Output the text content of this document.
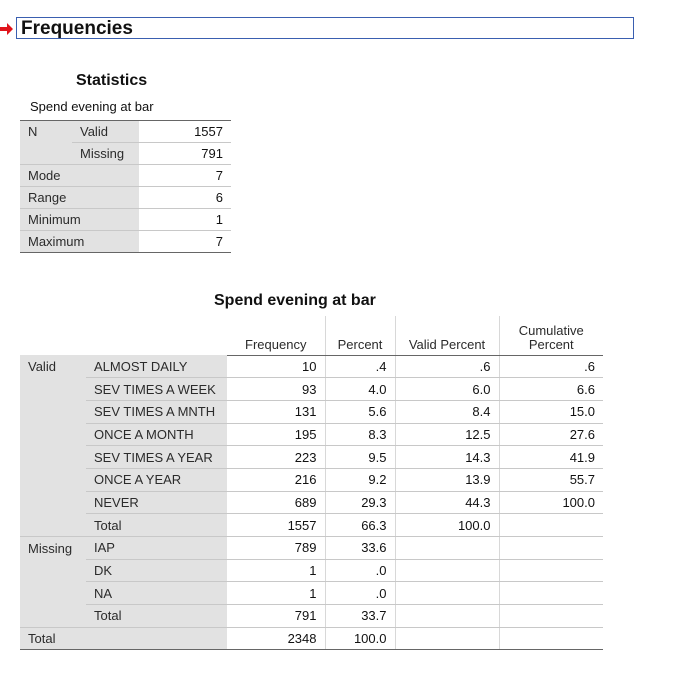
Frequencies
Statistics
Spend evening at bar
N	Valid	1557
	Missing	791
Mode		7
Range		6
Minimum		1
Maximum		7
Spend evening at bar
		Frequency	Percent	Valid Percent	Cumulative
Percent
Valid	ALMOST DAILY	10	.4	.6	.6
	SEV TIMES A WEEK	93	4.0	6.0	6.6
	SEV TIMES A MNTH	131	5.6	8.4	15.0
	ONCE A MONTH	195	8.3	12.5	27.6
	SEV TIMES A YEAR	223	9.5	14.3	41.9
	ONCE A YEAR	216	9.2	13.9	55.7
	NEVER	689	29.3	44.3	100.0
	Total	1557	66.3	100.0	
Missing	IAP	789	33.6		
	DK	1	.0		
	NA	1	.0		
	Total	791	33.7		
Total		2348	100.0		
